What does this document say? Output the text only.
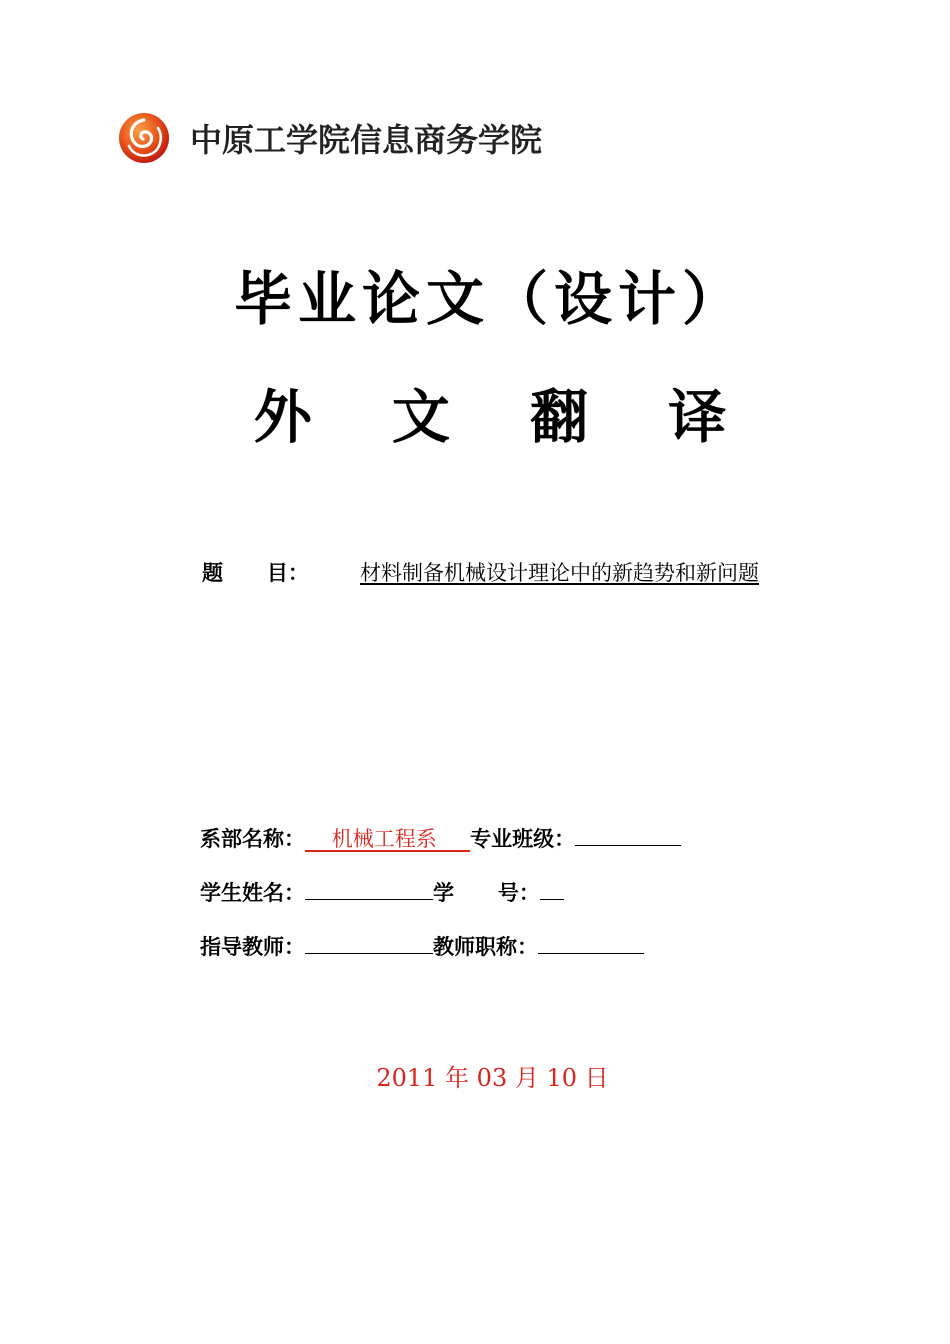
中原工学院信息商务学院
毕业论文（设计）
外 文 翻 译
题      目：	材料制备机械设计理论中的新趋势和新问题
系部名称： 机械工程系 专业班级：
学生姓名：	学      号：
指导教师：	教师职称：
2011 年 03 月 10 日
